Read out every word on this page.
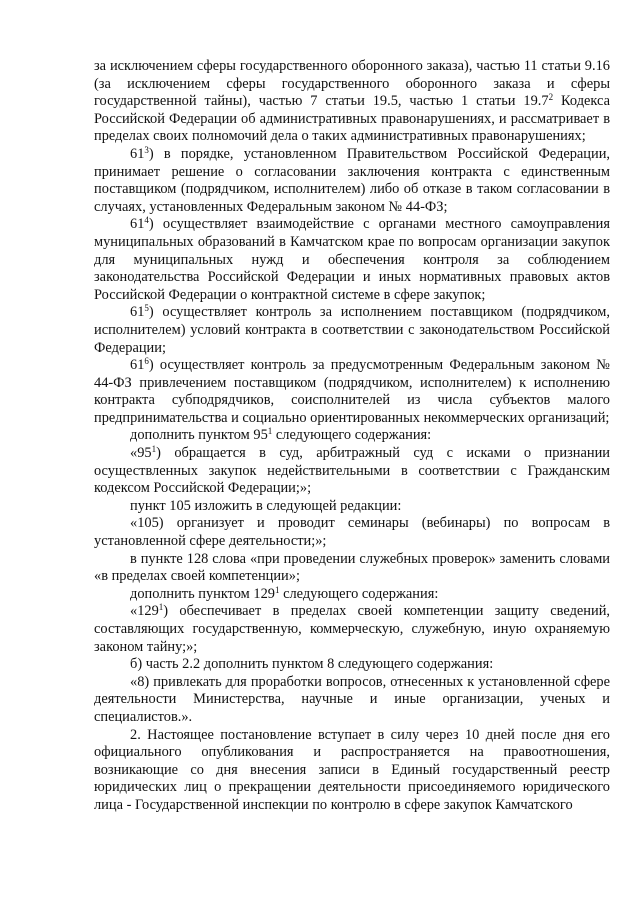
за исключением сферы государственного оборонного заказа), частью 11 статьи 9.16 (за исключением сферы государственного оборонного заказа и сферы государственной тайны), частью 7 статьи 19.5, частью 1 статьи 19.7$^2$ Кодекса Российской Федерации об административных правонарушениях, и рассматривает в пределах своих полномочий дела о таких административных правонарушениях;

$61^3$) в порядке, установленном Правительством Российской Федерации, принимает решение о согласовании заключения контракта с единственным поставщиком (подрядчиком, исполнителем) либо об отказе в таком согласовании в случаях, установленных Федеральным законом № 44-ФЗ;

$61^4$) осуществляет взаимодействие с органами местного самоуправления муниципальных образований в Камчатском крае по вопросам организации закупок для муниципальных нужд и обеспечения контроля за соблюдением законодательства Российской Федерации и иных нормативных правовых актов Российской Федерации о контрактной системе в сфере закупок;

$61^5$) осуществляет контроль за исполнением поставщиком (подрядчиком, исполнителем) условий контракта в соответствии с законодательством Российской Федерации;

$61^6$) осуществляет контроль за предусмотренным Федеральным законом № 44-ФЗ привлечением поставщиком (подрядчиком, исполнителем) к исполнению контракта субподрядчиков, соисполнителей из числа субъектов малого предпринимательства и социально ориентированных некоммерческих организаций;

дополнить пунктом $95^1$ следующего содержания:

«$95^1$) обращается в суд, арбитражный суд с исками о признании осуществленных закупок недействительными в соответствии с Гражданским кодексом Российской Федерации;»;

пункт 105 изложить в следующей редакции:

«105) организует и проводит семинары (вебинары) по вопросам в установленной сфере деятельности;»;

в пункте 128 слова «при проведении служебных проверок» заменить словами «в пределах своей компетенции»;

дополнить пунктом $129^1$ следующего содержания:

«$129^1$) обеспечивает в пределах своей компетенции защиту сведений, составляющих государственную, коммерческую, служебную, иную охраняемую законом тайну;»;

б) часть 2.2 дополнить пунктом 8 следующего содержания:

«8) привлекать для проработки вопросов, отнесенных к установленной сфере деятельности Министерства, научные и иные организации, ученых и специалистов.».

2. Настоящее постановление вступает в силу через 10 дней после дня его официального опубликования и распространяется на правоотношения, возникающие со дня внесения записи в Единый государственный реестр юридических лиц о прекращении деятельности присоединяемого юридического лица - Государственной инспекции по контролю в сфере закупок Камчатского
